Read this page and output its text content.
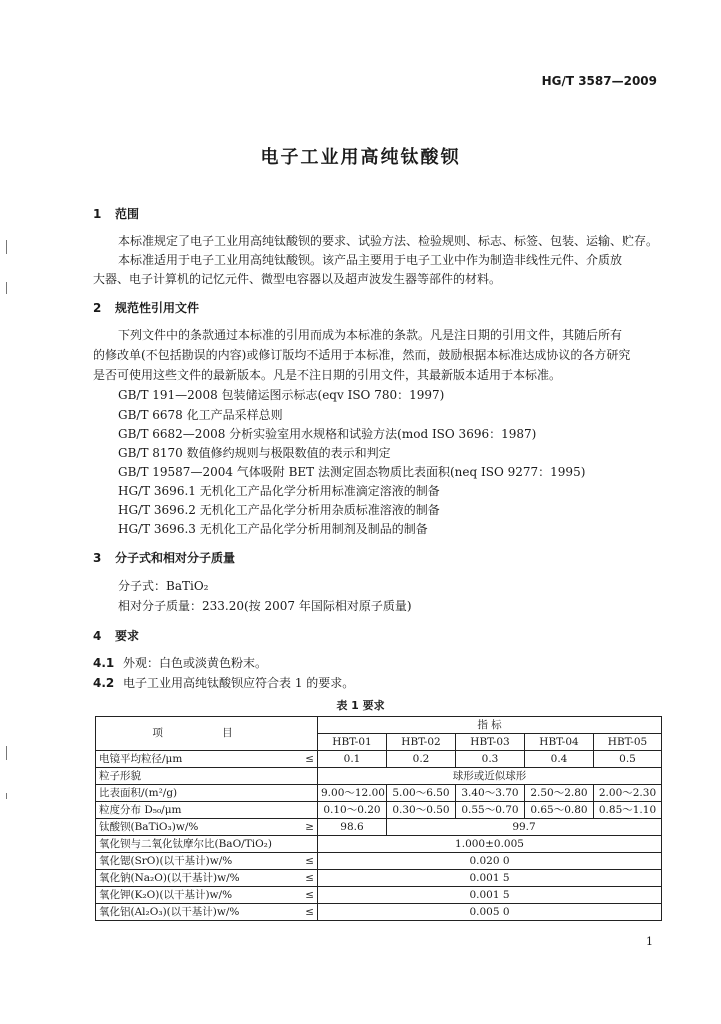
HG/T 3587—2009
电子工业用高纯钛酸钡
1 范围
本标准规定了电子工业用高纯钛酸钡的要求、试验方法、检验规则、标志、标签、包装、运输、贮存。
本标准适用于电子工业用高纯钛酸钡。该产品主要用于电子工业中作为制造非线性元件、介质放
大器、电子计算机的记忆元件、微型电容器以及超声波发生器等部件的材料。
2 规范性引用文件
下列文件中的条款通过本标准的引用而成为本标准的条款。凡是注日期的引用文件，其随后所有
的修改单(不包括勘误的内容)或修订版均不适用于本标准，然而，鼓励根据本标准达成协议的各方研究
是否可使用这些文件的最新版本。凡是不注日期的引用文件，其最新版本适用于本标准。
GB/T 191—2008 包装储运图示标志(eqv ISO 780：1997)
GB/T 6678 化工产品采样总则
GB/T 6682—2008 分析实验室用水规格和试验方法(mod ISO 3696：1987)
GB/T 8170 数值修约规则与极限数值的表示和判定
GB/T 19587—2004 气体吸附 BET 法测定固态物质比表面积(neq ISO 9277：1995)
HG/T 3696.1 无机化工产品化学分析用标准滴定溶液的制备
HG/T 3696.2 无机化工产品化学分析用杂质标准溶液的制备
HG/T 3696.3 无机化工产品化学分析用制剂及制品的制备
3 分子式和相对分子质量
分子式：BaTiO₂
相对分子质量：233.20(按 2007 年国际相对原子质量)
4 要求
4.1 外观：白色或淡黄色粉末。
4.2 电子工业用高纯钛酸钡应符合表 1 的要求。
表 1 要求
项 目	指 标				
	HBT-01	HBT-02	HBT-03	HBT-04	HBT-05
电镜平均粒径/μm ≤	0.1	0.2	0.3	0.4	0.5
粒子形貌	球形或近似球形				
比表面积/(m²/g)	9.00～12.00	5.00～6.50	3.40～3.70	2.50～2.80	2.00～2.30
粒度分布 D₅₀/μm	0.10～0.20	0.30～0.50	0.55～0.70	0.65～0.80	0.85～1.10
钛酸钡(BaTiO₃)w/% ≥	98.6	99.7			
氧化钡与二氧化钛摩尔比(BaO/TiO₂)	1.000±0.005				
氧化锶(SrO)(以干基计)w/% ≤	0.020 0				
氧化钠(Na₂O)(以干基计)w/% ≤	0.001 5				
氧化钾(K₂O)(以干基计)w/% ≤	0.001 5				
氧化铝(Al₂O₃)(以干基计)w/% ≤	0.005 0				
1
